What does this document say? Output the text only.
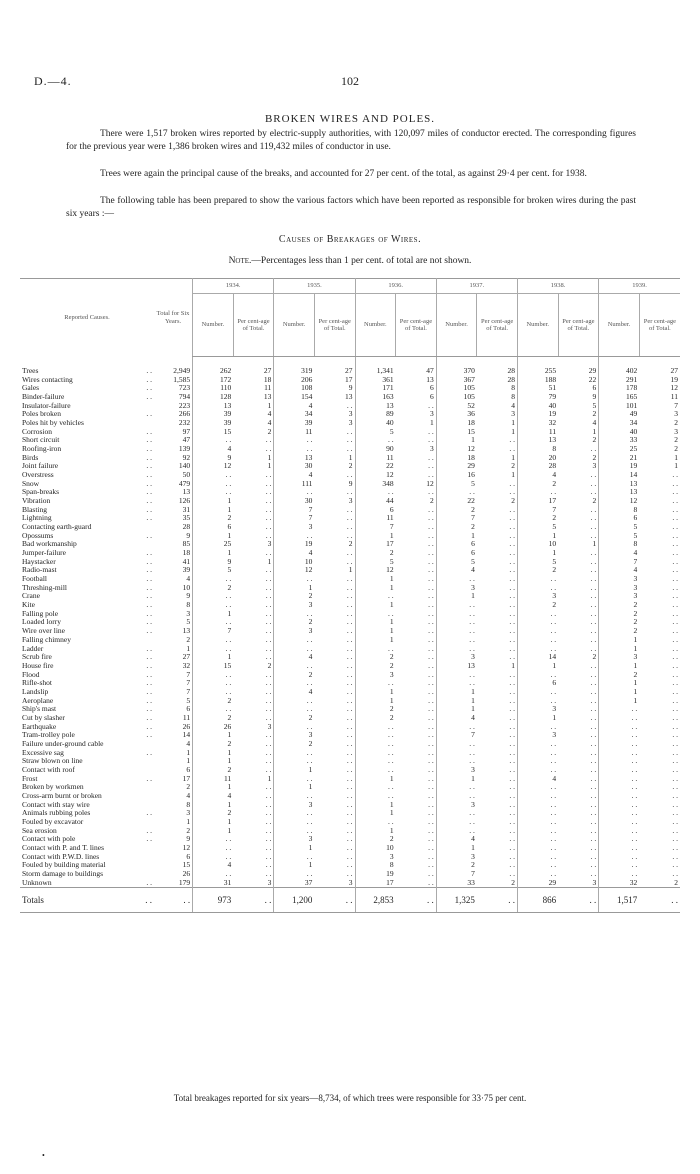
D.—4.	102
BROKEN WIRES AND POLES.

There were 1,517 broken wires reported by electric-supply authorities, with 120,097 miles of conductor erected. The corresponding figures for the previous year were 1,386 broken wires and 119,432 miles of conductor in use.

Trees were again the principal cause of the breaks, and accounted for 27 per cent. of the total, as against 29·4 per cent. for 1938.

The following table has been prepared to show the various factors which have been reported as responsible for broken wires during the past six years :—

Causes of Breakages of Wires.
Note.—Percentages less than 1 per cent. of total are not shown.
Reported Causes.		Total for Six Years.	1934.		1935.		1936.		1937.		1938.		1939.	
			Number.	Per cent-age of Total.	Number.	Per cent-age of Total.	Number.	Per cent-age of Total.	Number.	Per cent-age of Total.	Number.	Per cent-age of Total.	Number.	Per cent-age of Total.
Trees	. .	2,949	262	27	319	27	1,341	47	370	28	255	29	402	27
Wires contacting	. .	1,585	172	18	206	17	361	13	367	28	188	22	291	19
Gales	. .	723	110	11	108	9	171	6	105	8	51	6	178	12
Binder-failure	. .	794	128	13	154	13	163	6	105	8	79	9	165	11
Insulator-failure		223	13	1	4	. .	13	. .	52	4	40	5	101	7
Poles broken	. .	266	39	4	34	3	89	3	36	3	19	2	49	3
Poles hit by vehicles		232	39	4	39	3	40	1	18	1	32	4	34	2
Corrosion	. .	97	15	2	11	. .	5	. .	15	1	11	1	40	3
Short circuit	. .	47	. .	. .	. .	. .	. .	. .	1	. .	13	2	33	2
Roofing-iron	. .	139	4	. .	. .	. .	90	3	12	. .	8	. .	25	2
Birds	. .	92	9	1	13	1	11	. .	18	1	20	2	21	1
Joint failure	. .	140	12	1	30	2	22	. .	29	2	28	3	19	1
Overstress	. .	50	. .	. .	4	. .	12	. .	16	1	4	. .	14	. .
Snow	. .	479	. .	. .	111	9	348	12	5	. .	2	. .	13	. .
Span-breaks	. .	13	. .	. .	. .	. .	. .	. .	. .	. .	. .	. .	13	. .
Vibration	. .	126	1	. .	30	3	44	2	22	2	17	2	12	. .
Blasting	. .	31	1	. .	7	. .	6	. .	2	. .	7	. .	8	. .
Lightning	. .	35	2	. .	7	. .	11	. .	7	. .	2	. .	6	. .
Contacting earth-guard		28	6	. .	3	. .	7	. .	2	. .	5	. .	5	. .
Opossums	. .	9	1	. .	. .	. .	1	. .	1	. .	1	. .	5	. .
Bad workmanship		85	25	3	19	2	17	. .	6	. .	10	1	8	. .
Jumper-failure	. .	18	1	. .	4	. .	2	. .	6	. .	1	. .	4	. .
Haystacker	. .	41	9	1	10	. .	5	. .	5	. .	5	. .	7	. .
Radio-mast	. .	39	5	. .	12	1	12	. .	4	. .	2	. .	4	. .
Football	. .	4	. .	. .	. .	. .	1	. .	. .	. .	. .	. .	3	. .
Threshing-mill	. .	10	2	. .	1	. .	1	. .	3	. .	. .	. .	3	. .
Crane	. .	9	. .	. .	2	. .	. .	. .	1	. .	3	. .	3	. .
Kite	. .	8	. .	. .	3	. .	1	. .	. .	. .	2	. .	2	. .
Falling pole	. .	3	1	. .	. .	. .	. .	. .	. .	. .	. .	. .	2	. .
Loaded lorry	. .	5	. .	. .	2	. .	1	. .	. .	. .	. .	. .	2	. .
Wire over line	. .	13	7	. .	3	. .	1	. .	. .	. .	. .	. .	2	. .
Falling chimney		2	. .	. .	. .	. .	1	. .	. .	. .	. .	. .	1	. .
Ladder	. .	1	. .	. .	. .	. .	. .	. .	. .	. .	. .	. .	1	. .
Scrub fire	. .	27	1	. .	4	. .	2	. .	3	. .	14	2	3	. .
House fire	. .	32	15	2	. .	. .	2	. .	13	1	1	. .	1	. .
Flood	. .	7	. .	. .	2	. .	3	. .	. .	. .	. .	. .	2	. .
Rifle-shot	. .	7	. .	. .	. .	. .	. .	. .	. .	. .	6	. .	1	. .
Landslip	. .	7	. .	. .	4	. .	1	. .	1	. .	. .	. .	1	. .
Aeroplane	. .	5	2	. .	. .	. .	1	. .	1	. .	. .	. .	1	. .
Ship's mast	. .	6	. .	. .	. .	. .	2	. .	1	. .	3	. .	. .	. .
Cut by slasher	. .	11	2	. .	2	. .	2	. .	4	. .	1	. .	. .	. .
Earthquake	. .	26	26	3	. .	. .	. .	. .	. .	. .	. .	. .	. .	. .
Tram-trolley pole	. .	14	1	. .	3	. .	. .	. .	7	. .	3	. .	. .	. .
Failure under-ground cable		4	2	. .	2	. .	. .	. .	. .	. .	. .	. .	. .	. .
Excessive sag	. .	1	1	. .	. .	. .	. .	. .	. .	. .	. .	. .	. .	. .
Straw blown on line		1	1	. .	. .	. .	. .	. .	. .	. .	. .	. .	. .	. .
Contact with roof		6	2	. .	1	. .	. .	. .	3	. .	. .	. .	. .	. .
Frost	. .	17	11	1	. .	. .	1	. .	1	. .	4	. .	. .	. .
Broken by workmen		2	1	. .	1	. .	. .	. .	. .	. .	. .	. .	. .	. .
Cross-arm burnt or broken		4	4	. .	. .	. .	. .	. .	. .	. .	. .	. .	. .	. .
Contact with stay wire		8	1	. .	3	. .	1	. .	3	. .	. .	. .	. .	. .
Animals rubbing poles	. .	3	2	. .	. .	. .	1	. .	. .	. .	. .	. .	. .	. .
Fouled by excavator		1	1	. .	. .	. .	. .	. .	. .	. .	. .	. .	. .	. .
Sea erosion	. .	2	1	. .	. .	. .	1	. .	. .	. .	. .	. .	. .	. .
Contact with pole	. .	9	. .	. .	3	. .	2	. .	4	. .	. .	. .	. .	. .
Contact with P. and T. lines		12	. .	. .	1	. .	10	. .	1	. .	. .	. .	. .	. .
Contact with P.W.D. lines		6	. .	. .	. .	. .	3	. .	3	. .	. .	. .	. .	. .
Fouled by building material		15	4	. .	1	. .	8	. .	2	. .	. .	. .	. .	. .
Storm damage to buildings		26	. .	. .	. .	. .	19	. .	7	. .	. .	. .	. .	. .
Unknown	. .	179	31	3	37	3	17	. .	33	2	29	3	32	2
Totals	. .	. .	973	. .	1,200	. .	2,853	. .	1,325	. .	866	. .	1,517	. .
Total breakages reported for six years—8,734, of which trees were responsible for 33·75 per cent.
•
